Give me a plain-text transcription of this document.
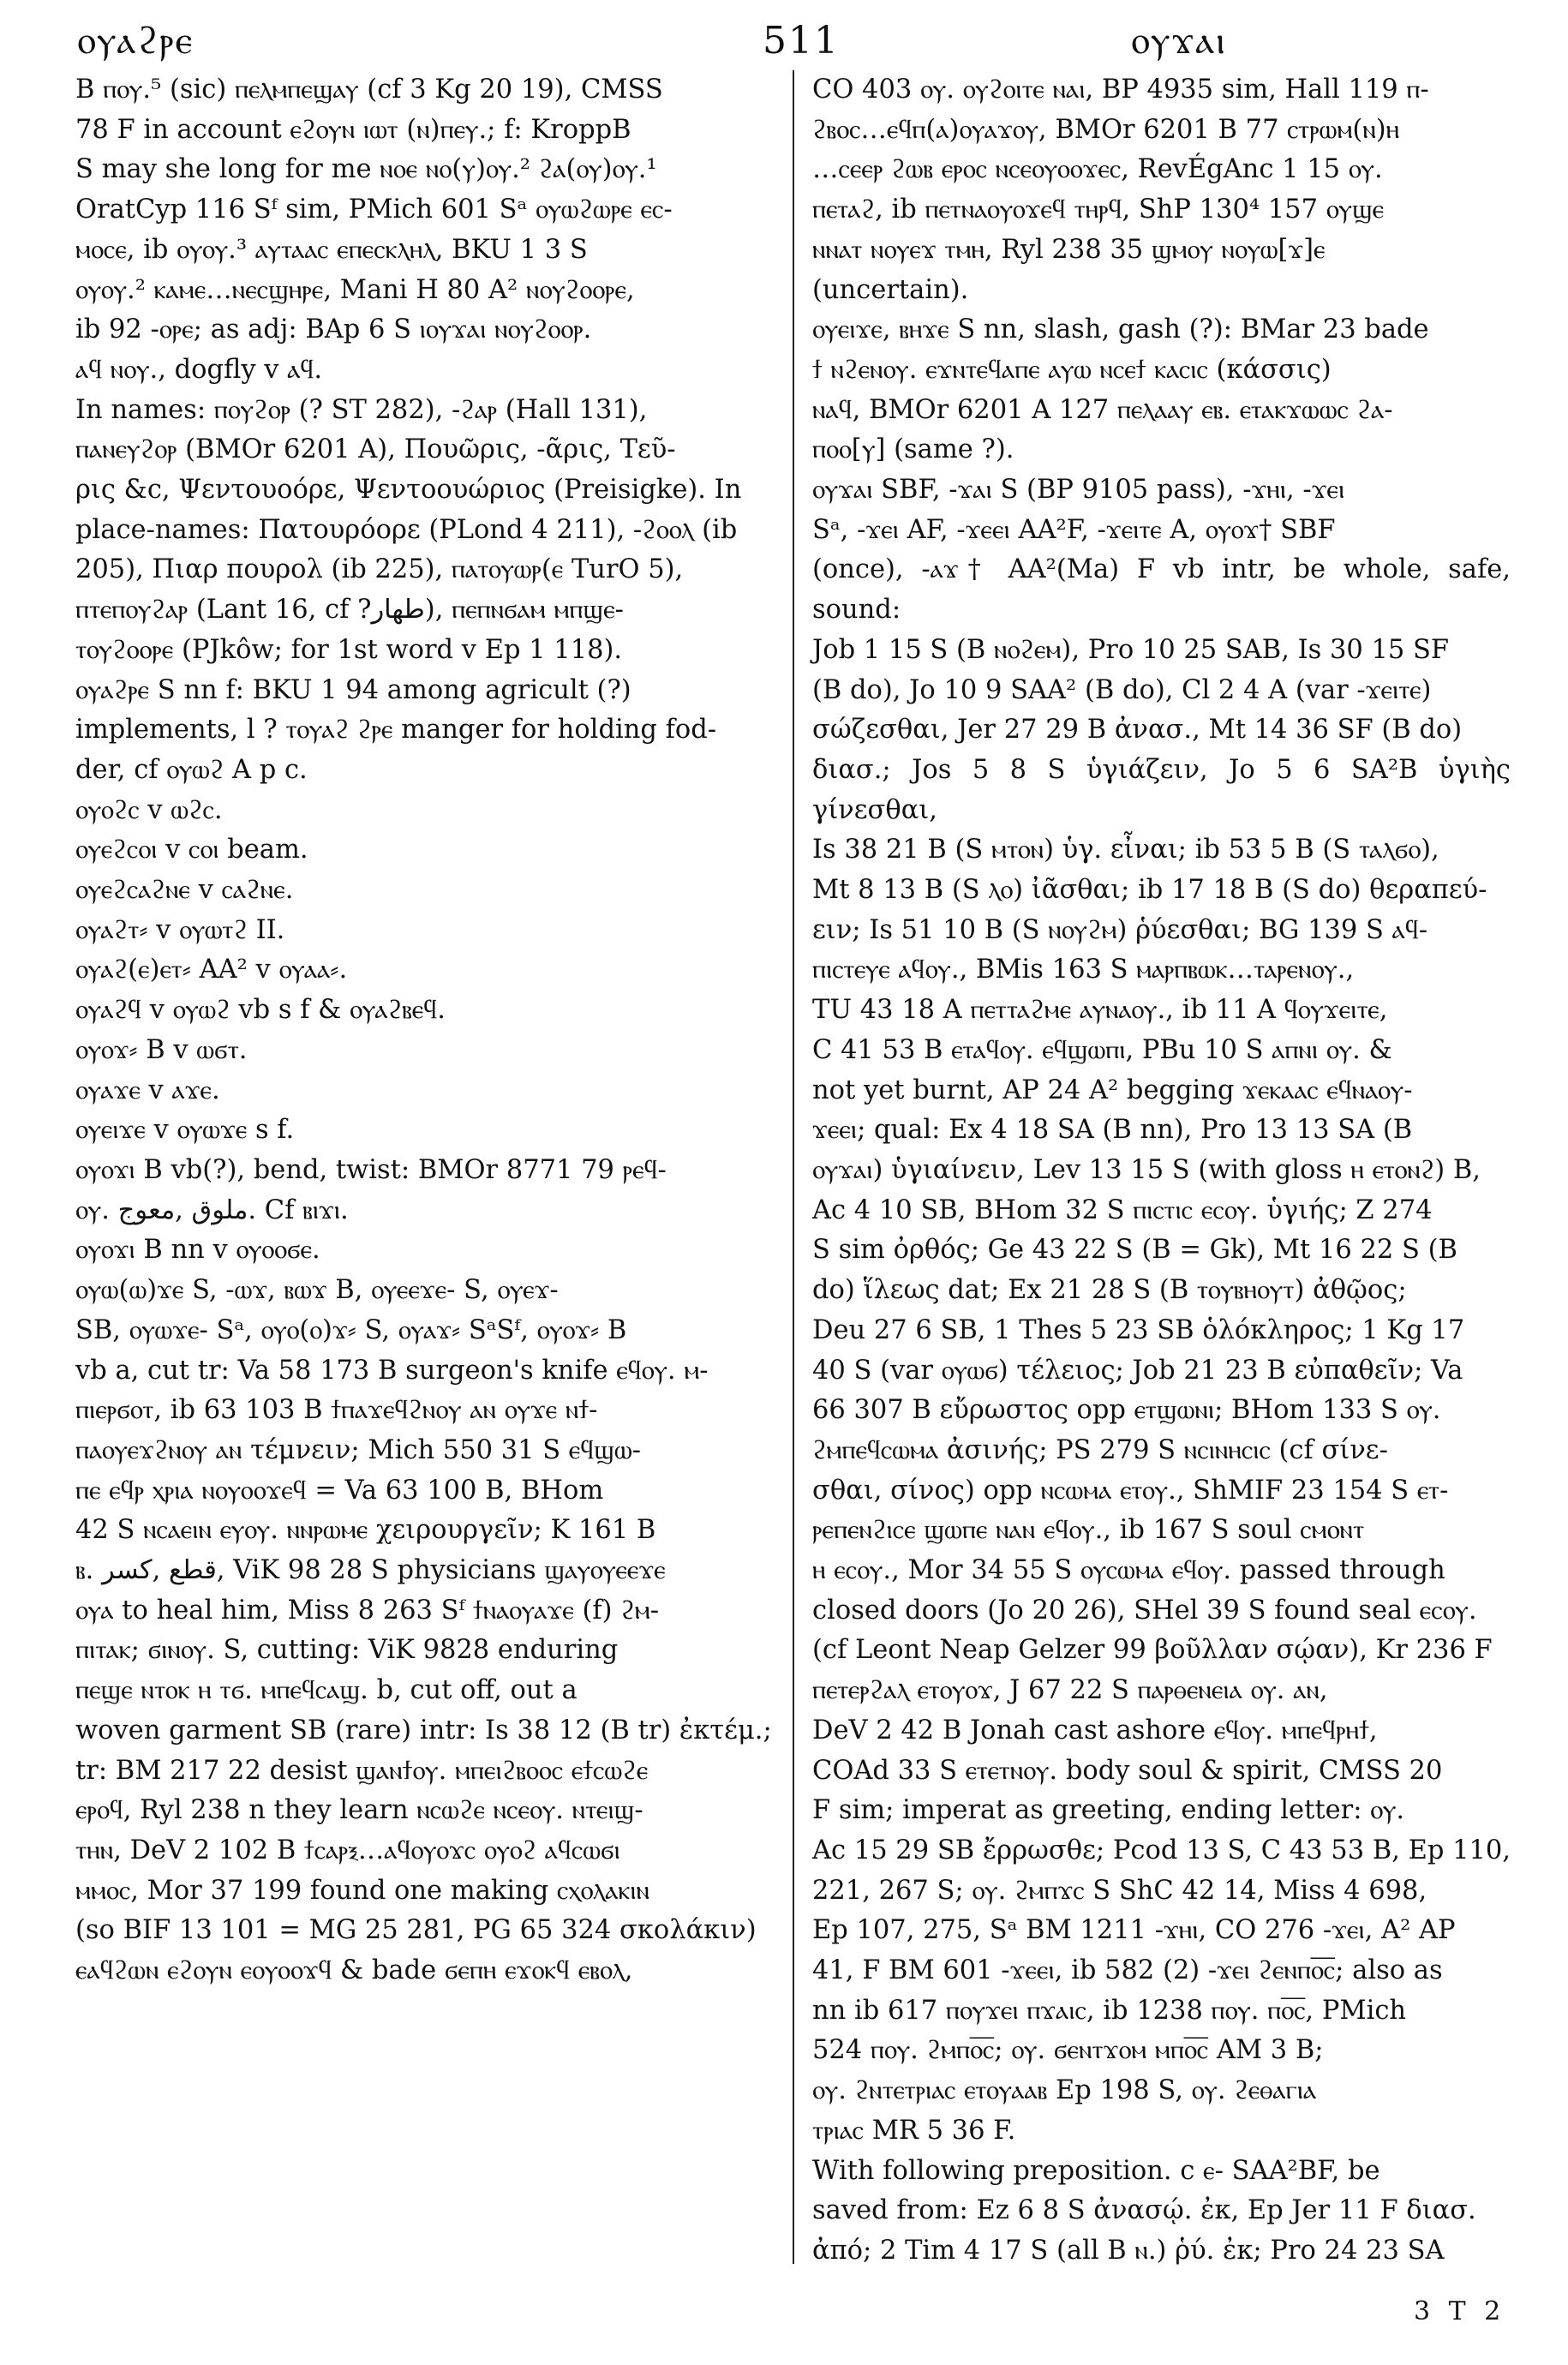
ⲟⲩⲁϩⲣⲉ	511	ⲟⲩϫⲁⲓ
B ⲡⲟⲩ.⁵ (sic) ⲡⲉⲗⲙⲡⲉϣⲁⲩ (cf 3 Kg 20 19), CMSS
78 F in account ⲉϩⲟⲩⲛ ⲓⲱⲧ (ⲛ)ⲡⲉⲩ.; f: KroppB
S may she long for me ⲛⲟⲉ ⲛⲟ(ⲩ)ⲟⲩ.² ϩⲁ(ⲟⲩ)ⲟⲩ.¹
OratCyp 116 Sᶠ sim, PMich 601 Sᵃ ⲟⲩⲱϩⲱⲣⲉ ⲉⲥ-
ⲙⲟⲥⲉ, ib ⲟⲩⲟⲩ.³ ⲁⲩⲧⲁⲁⲥ ⲉⲡⲉⲥⲕⲗⲏⲗ, BKU 1 3 S
ⲟⲩⲟⲩ.² ⲕⲁⲙⲉ…ⲛⲉⲥϣⲏⲣⲉ, Mani H 80 A² ⲛⲟⲩϩⲟⲟⲣⲉ,
ib 92 -ⲟⲣⲉ; as adj: BAp 6 S ⲓⲟⲩϫⲁⲓ ⲛⲟⲩϩⲟⲟⲣ.
ⲁϥ ⲛⲟⲩ., dogfly v ⲁϥ.
In names: ⲡⲟⲩϩⲟⲣ (? ST 282), -ϩⲁⲣ (Hall 131),
ⲡⲁⲛⲉⲩϩⲟⲣ (BMOr 6201 A), Πουῶρις, -ᾶρις, Τεῦ-
ρις &c, Ψεντουοόρε, Ψεντοουώριος (Preisigke). In
place-names: Πατουρόορε (PLond 4 211), -ϩⲟⲟⲗ (ib
205), Πιαρ πουρολ (ib 225), ⲡⲁⲧⲟⲩⲱⲣ(ⲉ TurO 5),
ⲡⲧⲉⲡⲟⲩϩⲁⲣ (Lant 16, cf ?طهار), ⲡⲉⲡⲛϭⲁⲙ ⲙⲡϣⲉ-
ⲧⲟⲩϩⲟⲟⲣⲉ (PJkôw; for 1st word v Ep 1 118).
ⲟⲩⲁϩⲣⲉ S nn f: BKU 1 94 among agricult (?)
implements, l ? ⲧⲟⲩⲁϩ ϩⲣⲉ manger for holding fod-
der, cf ⲟⲩⲱϩ A p c.
ⲟⲩⲟϩⲥ v ⲱϩⲥ.
ⲟⲩⲉϩⲥⲟⲓ v ⲥⲟⲓ beam.
ⲟⲩⲉϩⲥⲁϩⲛⲉ v ⲥⲁϩⲛⲉ.
ⲟⲩⲁϩⲧ⸗ v ⲟⲩⲱⲧϩ II.
ⲟⲩⲁϩ(ⲉ)ⲉⲧ⸗ AA² v ⲟⲩⲁⲁ⸗.
ⲟⲩⲁϩϥ v ⲟⲩⲱϩ vb s f & ⲟⲩⲁϩⲃⲉϥ.
ⲟⲩⲟϫ⸗ B v ⲱϭⲧ.
ⲟⲩⲁϫⲉ v ⲁϫⲉ.
ⲟⲩⲉⲓϫⲉ v ⲟⲩⲱϫⲉ s f.
ⲟⲩⲟϫⲓ B vb(?), bend, twist: BMOr 8771 79 ⲣⲉϥ-
ⲟⲩ. ملوق ,معوج. Cf ⲃⲓϫⲓ.
ⲟⲩⲟϫⲓ B nn v ⲟⲩⲟⲟϭⲉ.
ⲟⲩⲱ(ⲱ)ϫⲉ S, -ⲱϫ, ⲃⲱϫ B, ⲟⲩⲉⲉϫⲉ- S, ⲟⲩⲉϫ-
SB, ⲟⲩⲱϫⲉ- Sᵃ, ⲟⲩⲟ(ⲟ)ϫ⸗ S, ⲟⲩⲁϫ⸗ SᵃSᶠ, ⲟⲩⲟϫ⸗ B
vb a, cut tr: Va 58 173 B surgeon's knife ⲉϥⲟⲩ. ⲙ-
ⲡⲓⲉⲣϭⲟⲧ, ib 63 103 B ϯⲡⲁϫⲉϥϩⲛⲟⲩ ⲁⲛ ⲟⲩϫⲉ ⲛϯ-
ⲡⲁⲟⲩⲉϫϩⲛⲟⲩ ⲁⲛ τέμνειν; Mich 550 31 S ⲉϥϣⲱ-
ⲡⲉ ⲉϥⲣ ⲭⲣⲓⲁ ⲛⲟⲩⲟⲟϫⲉϥ = Va 63 100 B, BHom
42 S ⲛⲥⲁⲉⲓⲛ ⲉⲩⲟⲩ. ⲛⲛⲣⲱⲙⲉ χειρουργεῖν; K 161 B
ⲃ. قطع ,كسر, ViK 98 28 S physicians ϣⲁⲩⲟⲩⲉⲉϫⲉ
ⲟⲩⲁ to heal him, Miss 8 263 Sᶠ ϯⲛⲁⲟⲩⲁϫⲉ (f) ϩⲙ-
ⲡⲓⲧⲁⲕ; ϭⲓⲛⲟⲩ. S, cutting: ViK 9828 enduring
ⲡⲉϣⲉ ⲛⲧⲟⲕ ⲏ ⲧϭ. ⲙⲡⲉϥⲥⲁϣ. b, cut off, out a
woven garment SB (rare) intr: Is 38 12 (B tr) ἐκτέμ.;
tr: BM 217 22 desist ϣⲁⲛϯⲟⲩ. ⲙⲡⲉⲓϩⲃⲟⲟⲥ ⲉϯⲥⲱϩⲉ
ⲉⲣⲟϥ, Ryl 238 n they learn ⲛⲥⲱϩⲉ ⲛⲥⲉⲟⲩ. ⲛⲧⲉⲓϣ-
ⲧⲏⲛ, DeV 2 102 B ϯⲥⲁⲣⲝ…ⲁϥⲟⲩⲟϫⲥ ⲟⲩⲟϩ ⲁϥⲥⲱϭⲓ
ⲙⲙⲟⲥ, Mor 37 199 found one making ⲥⲭⲟⲗⲁⲕⲓⲛ
(so BIF 13 101 = MG 25 281, PG 65 324 σκολάκιν)
ⲉⲁϥϩⲱⲛ ⲉϩⲟⲩⲛ ⲉⲟⲩⲟⲟϫϥ & bade ϭⲉⲡⲏ ⲉϫⲟⲕϥ ⲉⲃⲟⲗ,
CO 403 ⲟⲩ. ⲟⲩϩⲟⲓⲧⲉ ⲛⲁⲓ, BP 4935 sim, Hall 119 ⲡ-
ϩⲃⲟⲥ…ⲉϥⲡ(ⲁ)ⲟⲩⲁϫⲟⲩ, BMOr 6201 B 77 ⲥⲧⲣⲱⲙ(ⲛ)ⲏ
…ⲥⲉⲉⲣ ϩⲱⲃ ⲉⲣⲟⲥ ⲛⲥⲉⲟⲩⲟⲟϫⲉⲥ, RevÉgAnc 1 15 ⲟⲩ.
ⲡⲉⲧⲁϩ, ib ⲡⲉⲧⲛⲁⲟⲩⲟϫⲉϥ ⲧⲏⲣϥ, ShP 130⁴ 157 ⲟⲩϣⲉ
ⲛⲛⲁⲧ ⲛⲟⲩⲉϫ ⲧⲙⲏ, Ryl 238 35 ϣⲙⲟⲩ ⲛⲟⲩⲱ[ϫ]ⲉ
(uncertain).
ⲟⲩⲉⲓϫⲉ, ⲃⲏϫⲉ S nn, slash, gash (?): BMar 23 bade
ϯ ⲛϩⲉⲛⲟⲩ. ⲉϫⲛⲧⲉϥⲁⲡⲉ ⲁⲩⲱ ⲛⲥⲉϯ ⲕⲁⲥⲓⲥ (κάσσις)
ⲛⲁϥ, BMOr 6201 A 127 ⲡⲉⲗⲁⲁⲩ ⲉⲃ. ⲉⲧⲁⲕϫⲱⲱⲥ ϩⲁ-
ⲡⲟⲟ[ⲩ] (same ?).
ⲟⲩϫⲁⲓ SBF, -ϫⲁⲓ S (BP 9105 pass), -ϫⲏⲓ, -ϫⲉⲓ
Sᵃ, -ϫⲉⲓ AF, -ϫⲉⲉⲓ AA²F, -ϫⲉⲓⲧⲉ A, ⲟⲩⲟϫ† SBF
(once), -ⲁϫ† AA²(Ma) F vb intr, be whole, safe, sound:
Job 1 15 S (B ⲛⲟϩⲉⲙ), Pro 10 25 SAB, Is 30 15 SF
(B do), Jo 10 9 SAA² (B do), Cl 2 4 A (var -ϫⲉⲓⲧⲉ)
σώζεσθαι, Jer 27 29 B ἀνασ., Mt 14 36 SF (B do)
διασ.; Jos 5 8 S ὑγιάζειν, Jo 5 6 SA²B ὑγιὴς γίνεσθαι,
Is 38 21 B (S ⲙⲧⲟⲛ) ὑγ. εἶναι; ib 53 5 B (S ⲧⲁⲗϭⲟ),
Mt 8 13 B (S ⲗⲟ) ἰᾶσθαι; ib 17 18 B (S do) θεραπεύ-
ειν; Is 51 10 B (S ⲛⲟⲩϩⲙ) ῥύεσθαι; BG 139 S ⲁϥ-
ⲡⲓⲥⲧⲉⲩⲉ ⲁϥⲟⲩ., BMis 163 S ⲙⲁⲣⲡⲃⲱⲕ…ⲧⲁⲣⲉⲛⲟⲩ.,
TU 43 18 A ⲡⲉⲧⲧⲁϩⲙⲉ ⲁⲩⲛⲁⲟⲩ., ib 11 A ϥⲟⲩϫⲉⲓⲧⲉ,
C 41 53 B ⲉⲧⲁϥⲟⲩ. ⲉϥϣⲱⲡⲓ, PBu 10 S ⲁⲡⲛⲓ ⲟⲩ. &
not yet burnt, AP 24 A² begging ϫⲉⲕⲁⲁⲥ ⲉϥⲛⲁⲟⲩ-
ϫⲉⲉⲓ; qual: Ex 4 18 SA (B nn), Pro 13 13 SA (B
ⲟⲩϫⲁⲓ) ὑγιαίνειν, Lev 13 15 S (with gloss ⲏ ⲉⲧⲟⲛϩ) B,
Ac 4 10 SB, BHom 32 S ⲡⲓⲥⲧⲓⲥ ⲉⲥⲟⲩ. ὑγιής; Z 274
S sim ὀρθός; Ge 43 22 S (B = Gk), Mt 16 22 S (B
do) ἵλεως dat; Ex 21 28 S (B ⲧⲟⲩⲃⲏⲟⲩⲧ) ἀθῷος;
Deu 27 6 SB, 1 Thes 5 23 SB ὁλόκληρος; 1 Kg 17
40 S (var ⲟⲩⲱϭ) τέλειος; Job 21 23 B εὐπαθεῖν; Va
66 307 B εὔρωστος opp ⲉⲧϣⲱⲛⲓ; BHom 133 S ⲟⲩ.
ϩⲙⲡⲉϥⲥⲱⲙⲁ ἀσινής; PS 279 S ⲛⲥⲓⲛⲏⲥⲓⲥ (cf σίνε-
σθαι, σίνος) opp ⲛⲥⲱⲙⲁ ⲉⲧⲟⲩ., ShMIF 23 154 S ⲉⲧ-
ⲣⲉⲡⲉⲛϩⲓⲥⲉ ϣⲱⲡⲉ ⲛⲁⲛ ⲉϥⲟⲩ., ib 167 S soul ⲥⲙⲟⲛⲧ
ⲏ ⲉⲥⲟⲩ., Mor 34 55 S ⲟⲩⲥⲱⲙⲁ ⲉϥⲟⲩ. passed through
closed doors (Jo 20 26), SHel 39 S found seal ⲉⲥⲟⲩ.
(cf Leont Neap Gelzer 99 βοῦλλαν σῴαν), Kr 236 F
ⲡⲉⲧⲉⲣϩⲁⲗ ⲉⲧⲟⲩⲟϫ, J 67 22 S ⲡⲁⲣⲑⲉⲛⲉⲓⲁ ⲟⲩ. ⲁⲛ,
DeV 2 42 B Jonah cast ashore ⲉϥⲟⲩ. ⲙⲡⲉϥⲣⲏϯ,
COAd 33 S ⲉⲧⲉⲧⲛⲟⲩ. body soul & spirit, CMSS 20
F sim; imperat as greeting, ending letter: ⲟⲩ.
Ac 15 29 SB ἔρρωσθε; Pcod 13 S, C 43 53 B, Ep 110,
221, 267 S; ⲟⲩ. ϩⲙⲡϫⲥ S ShC 42 14, Miss 4 698,
Ep 107, 275, Sᵃ BM 1211 -ϫⲏⲓ, CO 276 -ϫⲉⲓ, A² AP
41, F BM 601 -ϫⲉⲉⲓ, ib 582 (2) -ϫⲉⲓ ϩⲉⲛⲡⲟ̅ⲥ̅; also as
nn ib 617 ⲡⲟⲩϫⲉⲓ ⲡϫⲁⲓⲥ, ib 1238 ⲡⲟⲩ. ⲡⲟ̅ⲥ̅, PMich
524 ⲡⲟⲩ. ϩⲙⲡⲟ̅ⲥ̅; ⲟⲩ. ϭⲉⲛⲧϫⲟⲙ ⲙⲡⲟ̅ⲥ̅ AM 3 B;
ⲟⲩ. ϩⲛⲧⲉⲧⲣⲓⲁⲥ ⲉⲧⲟⲩⲁⲁⲃ Ep 198 S, ⲟⲩ. ϩⲉⲑⲁⲅⲓⲁ
ⲧⲣⲓⲁⲥ MR 5 36 F.
With following preposition. c ⲉ- SAA²BF, be
saved from: Ez 6 8 S ἀνασῴ. ἐκ, Ep Jer 11 F διασ.
ἀπό; 2 Tim 4 17 S (all B ⲛ.) ῥύ. ἐκ; Pro 24 23 SA
3 T 2
